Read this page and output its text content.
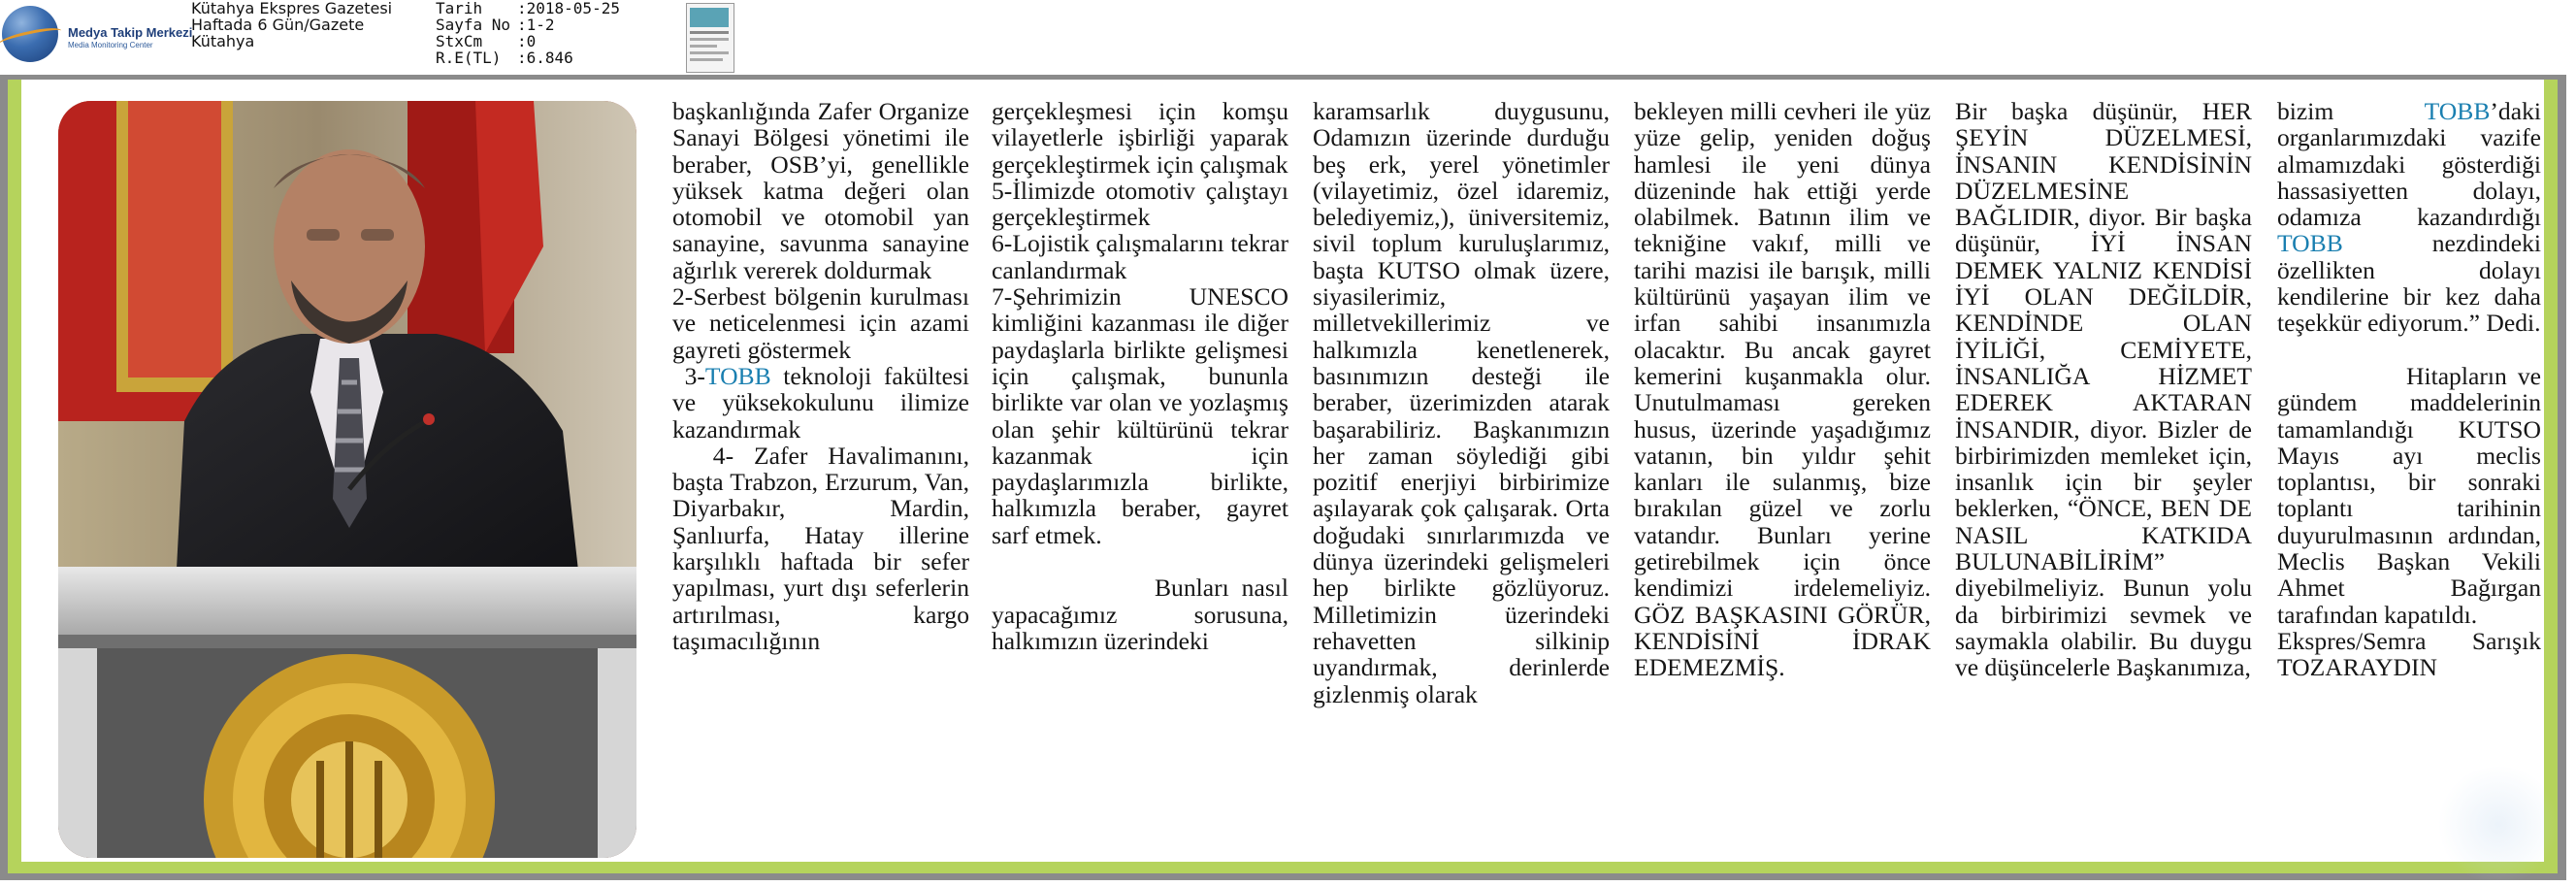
Medya Takip Merkezi
Media Monitoring Center
Kütahya Ekspres Gazetesi
Haftada 6 Gün/Gazete
Kütahya
Tarih :2018-05-25
Sayfa No :1-2
StxCm :0
R.E(TL) :6.846

başkanlığında Zafer Organize Sanayi Bölgesi yönetimi ile beraber, OSB’yi, genellikle yüksek katma değeri olan otomobil ve otomobil yan sanayine, savunma sanayine ağırlık vererek doldurmak

2-Serbest bölgenin kurulması ve neticelenmesi için azami gayreti göstermek

3-TOBB teknoloji fakültesi ve yüksekokulunu ilimize kazandırmak

4- Zafer Havalimanını, başta Trabzon, Erzurum, Van, Diyarbakır, Mardin, Şanlıurfa, Hatay illerine karşılıklı haftada bir sefer yapılması, yurt dışı seferlerin artırılması, kargo taşımacılığının

gerçekleşmesi için komşu vilayetlerle işbirliği yaparak gerçekleştirmek için çalışmak

5-İlimizde otomotiv çalıştayı gerçekleştirmek

6-Lojistik çalışmalarını tekrar canlandırmak

7-Şehrimizin UNESCO kimliğini kazanması ile diğer paydaşlarla birlikte gelişmesi için çalışmak, bununla birlikte var olan ve yozlaşmış olan şehir kültürünü tekrar kazanmak için paydaşlarımızla birlikte, halkımızla beraber, gayret sarf etmek.

Bunları nasıl yapacağımız sorusuna, halkımızın üzerindeki

karamsarlık duygusunu, Odamızın üzerinde durduğu beş erk, yerel yönetimler (vilayetimiz, özel idaremiz, belediyemiz,), üniversitemiz, sivil toplum kuruluşlarımız, başta KUTSO olmak üzere, siyasilerimiz, milletvekillerimiz ve halkımızla kenetlenerek, basınımızın desteği ile beraber, üzerimizden atarak başarabiliriz. Başkanımızın her zaman söylediği gibi pozitif enerjiyi birbirimize aşılayarak çok çalışarak. Orta doğudaki sınırlarımızda ve dünya üzerindeki gelişmeleri hep birlikte gözlüyoruz. Milletimizin üzerindeki rehavetten silkinip uyandırmak, derinlerde gizlenmiş olarak

bekleyen milli cevheri ile yüz yüze gelip, yeniden doğuş hamlesi ile yeni dünya düzeninde hak ettiği yerde olabilmek. Batının ilim ve tekniğine vakıf, milli ve tarihi mazisi ile barışık, milli kültürünü yaşayan ilim ve irfan sahibi insanımızla olacaktır. Bu ancak gayret kemerini kuşanmakla olur. Unutulmaması gereken husus, üzerinde yaşadığımız vatanın, bin yıldır şehit kanları ile sulanmış, bize bırakılan güzel ve zorlu vatandır. Bunları yerine getirebilmek için önce kendimizi irdelemeliyiz. GÖZ BAŞKASINI GÖRÜR, KENDİSİNİ İDRAK EDEMEZMİŞ.

Bir başka düşünür, HER ŞEYİN DÜZELMESİ, İNSANIN KENDİSİNİN DÜZELMESİNE BAĞLIDIR, diyor. Bir başka düşünür, İYİ İNSAN DEMEK YALNIZ KENDİSİ İYİ OLAN DEĞİLDİR, KENDİNDE OLAN İYİLİĞİ, CEMİYETE, İNSANLIĞA HİZMET EDEREK AKTARAN İNSANDIR, diyor. Bizler de birbirimizden memleket için, insanlık için bir şeyler beklerken, “ÖNCE, BEN DE NASIL KATKIDA BULUNABİLİRİM” diyebilmeliyiz. Bunun yolu da birbirimizi sevmek ve saymakla olabilir. Bu duygu ve düşüncelerle Başkanımıza,

bizim TOBB’daki organlarımızdaki vazife almamızdaki gösterdiği hassasiyetten dolayı, odamıza kazandırdığı TOBB nezdindeki özellikten dolayı kendilerine bir kez daha teşekkür ediyorum.” Dedi.

Hitapların ve gündem maddelerinin tamamlandığı KUTSO Mayıs ayı meclis toplantısı, bir sonraki toplantı tarihinin duyurulmasının ardından, Meclis Başkan Vekili Ahmet Bağırgan tarafından kapatıldı.

Ekspres/Semra Sarışık TOZARAYDIN
